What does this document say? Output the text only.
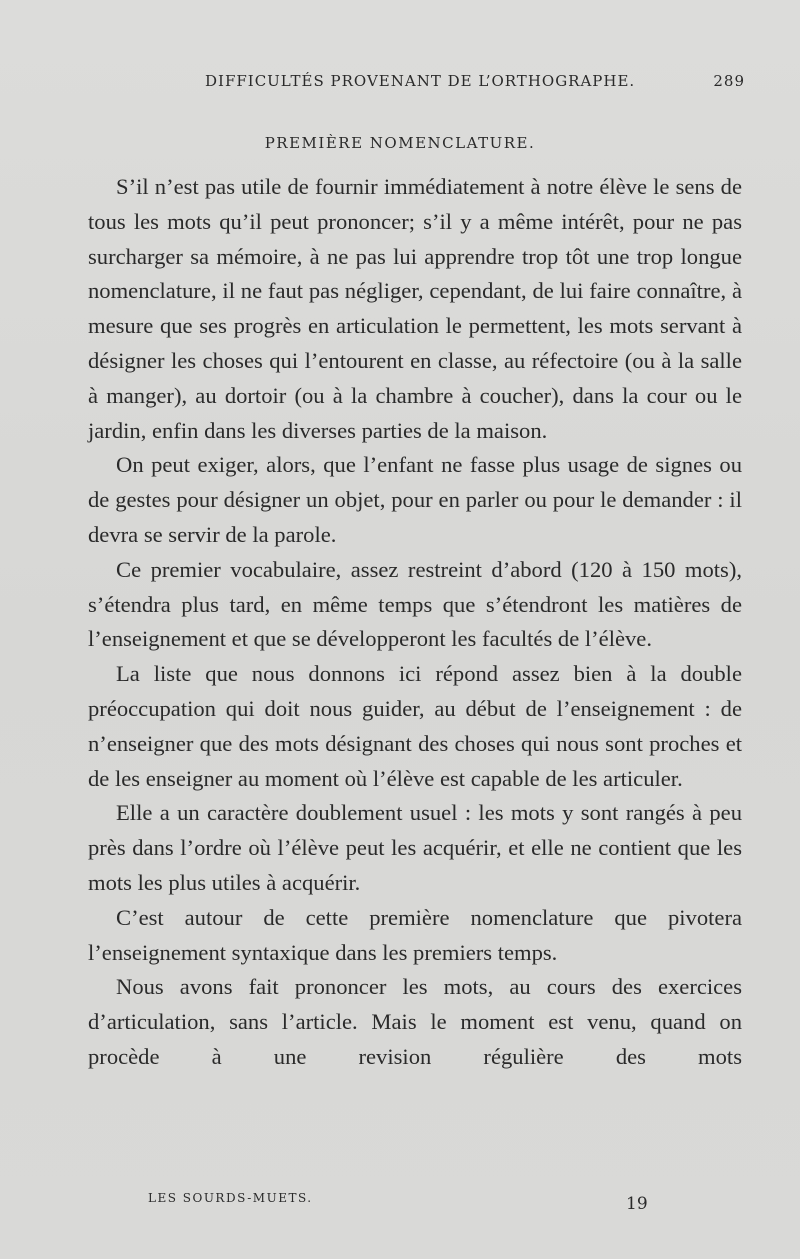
DIFFICULTÉS PROVENANT DE L’ORTHOGRAPHE.	289
PREMIÈRE NOMENCLATURE.

S’il n’est pas utile de fournir immédiatement à notre élève le sens de tous les mots qu’il peut prononcer; s’il y a même intérêt, pour ne pas surcharger sa mémoire, à ne pas lui apprendre trop tôt une trop longue nomenclature, il ne faut pas négliger, cependant, de lui faire connaître, à mesure que ses progrès en articulation le permettent, les mots servant à désigner les choses qui l’entourent en classe, au réfectoire (ou à la salle à manger), au dortoir (ou à la chambre à coucher), dans la cour ou le jardin, enfin dans les diverses parties de la maison.

On peut exiger, alors, que l’enfant ne fasse plus usage de signes ou de gestes pour désigner un objet, pour en parler ou pour le demander : il devra se servir de la parole.

Ce premier vocabulaire, assez restreint d’abord (120 à 150 mots), s’étendra plus tard, en même temps que s’étendront les matières de l’enseignement et que se développeront les facultés de l’élève.

La liste que nous donnons ici répond assez bien à la double préoccupation qui doit nous guider, au début de l’enseignement : de n’enseigner que des mots désignant des choses qui nous sont proches et de les enseigner au moment où l’élève est capable de les articuler.

Elle a un caractère doublement usuel : les mots y sont rangés à peu près dans l’ordre où l’élève peut les acquérir, et elle ne contient que les mots les plus utiles à acquérir.

C’est autour de cette première nomenclature que pivotera l’enseignement syntaxique dans les premiers temps.

Nous avons fait prononcer les mots, au cours des exercices d’articulation, sans l’article. Mais le moment est venu, quand on procède à une revision régulière des mots

LES SOURDS-MUETS.	19
